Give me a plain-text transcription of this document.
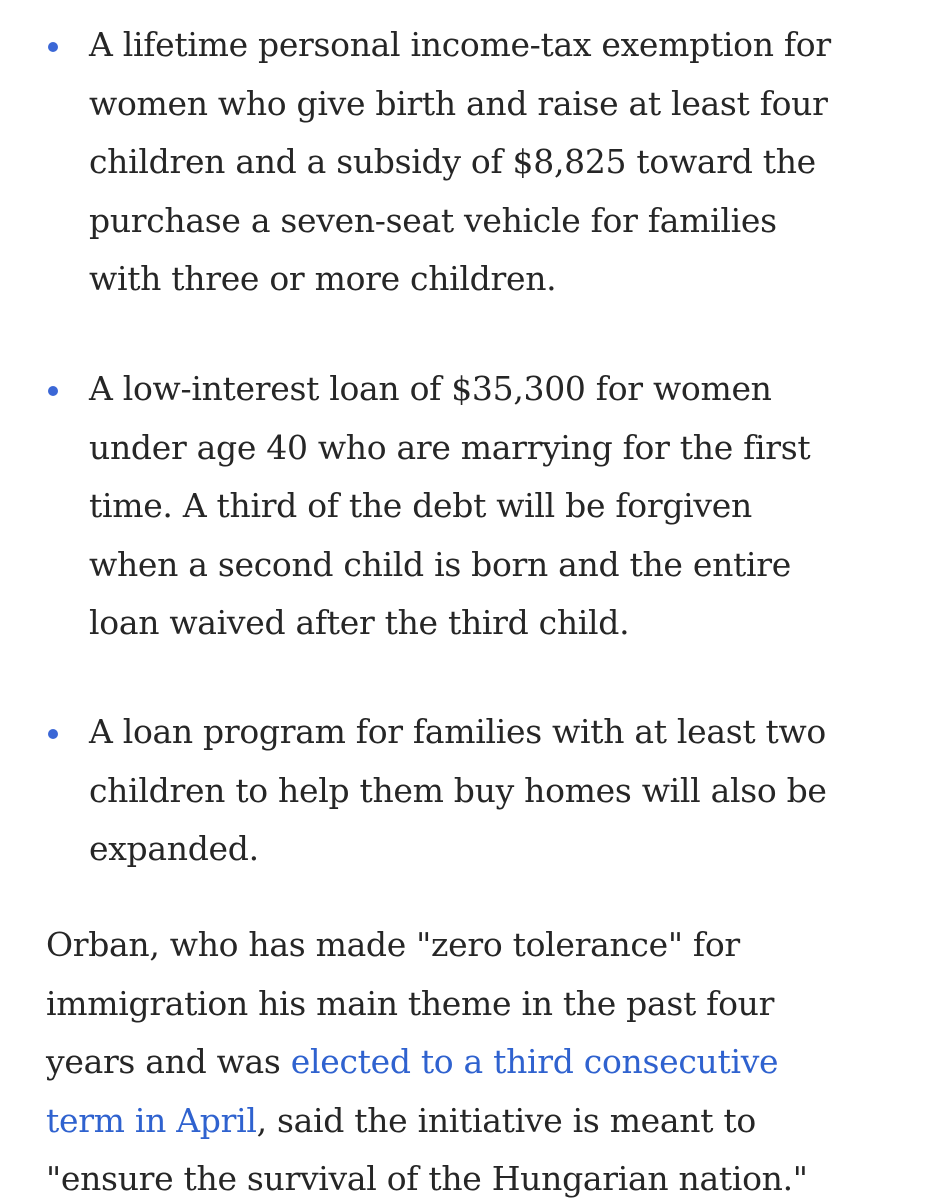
A lifetime personal income-tax exemption for
women who give birth and raise at least four
children and a subsidy of $8,825 toward the
purchase a seven-seat vehicle for families
with three or more children.

A low-interest loan of $35,300 for women
under age 40 who are marrying for the first
time. A third of the debt will be forgiven
when a second child is born and the entire
loan waived after the third child.

A loan program for families with at least two
children to help them buy homes will also be
expanded.

Orban, who has made "zero tolerance" for
immigration his main theme in the past four
years and was elected to a third consecutive
term in April, said the initiative is meant to
"ensure the survival of the Hungarian nation."
